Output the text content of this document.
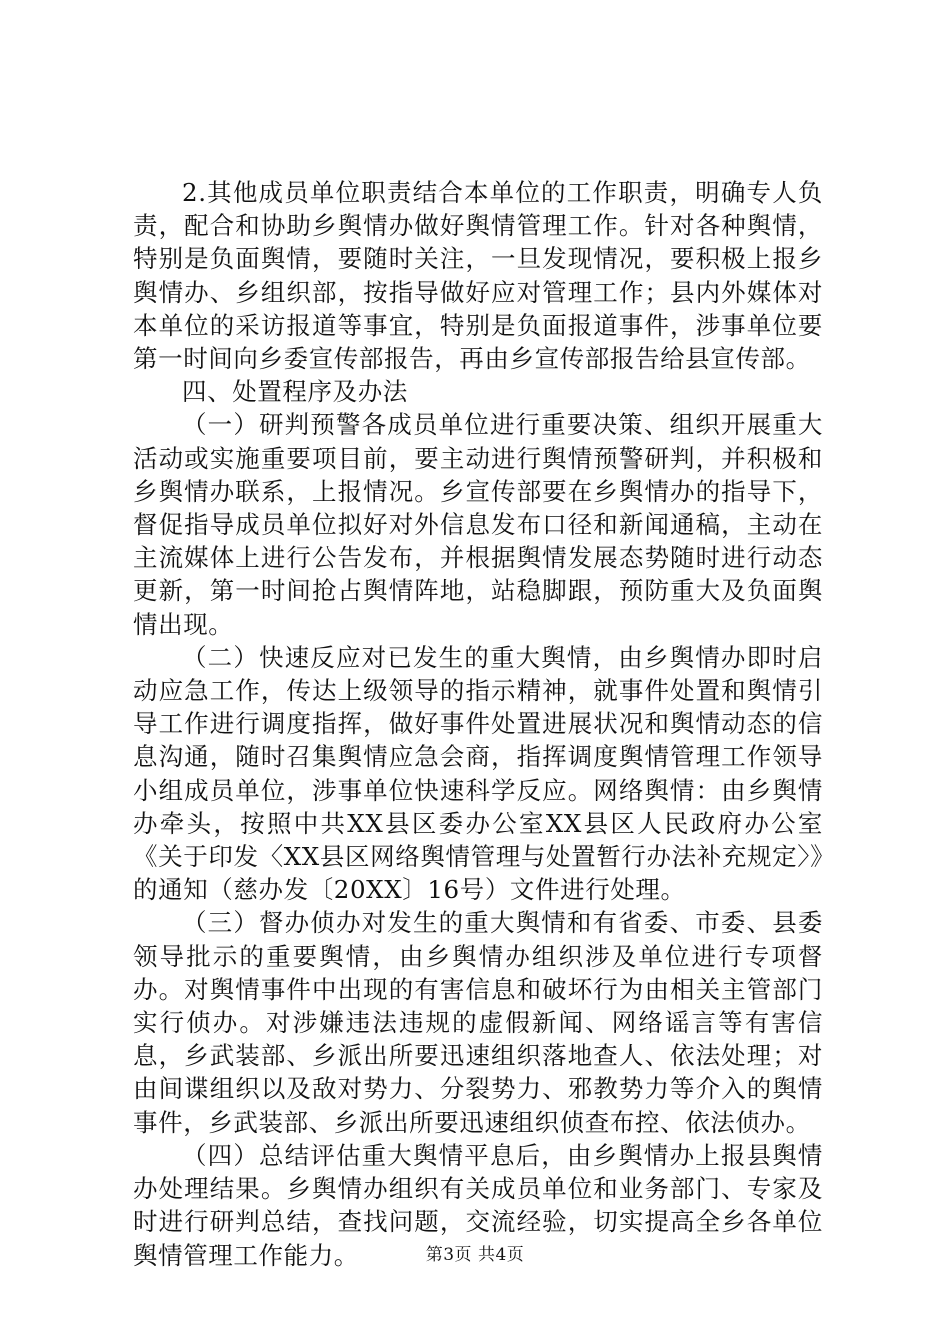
2.其他成员单位职责结合本单位的工作职责，明确专人负责，配合和协助乡舆情办做好舆情管理工作。针对各种舆情，特别是负面舆情，要随时关注，一旦发现情况，要积极上报乡舆情办、乡组织部，按指导做好应对管理工作；县内外媒体对本单位的采访报道等事宜，特别是负面报道事件，涉事单位要第一时间向乡委宣传部报告，再由乡宣传部报告给县宣传部。

四、处置程序及办法

（一）研判预警各成员单位进行重要决策、组织开展重大活动或实施重要项目前，要主动进行舆情预警研判，并积极和乡舆情办联系，上报情况。乡宣传部要在乡舆情办的指导下，督促指导成员单位拟好对外信息发布口径和新闻通稿，主动在主流媒体上进行公告发布，并根据舆情发展态势随时进行动态更新，第一时间抢占舆情阵地，站稳脚跟，预防重大及负面舆情出现。

（二）快速反应对已发生的重大舆情，由乡舆情办即时启动应急工作，传达上级领导的指示精神，就事件处置和舆情引导工作进行调度指挥，做好事件处置进展状况和舆情动态的信息沟通，随时召集舆情应急会商，指挥调度舆情管理工作领导小组成员单位，涉事单位快速科学反应。网络舆情：由乡舆情办牵头，按照中共XX县区委办公室XX县区人民政府办公室《关于印发〈XX县区网络舆情管理与处置暂行办法补充规定〉》的通知（慈办发〔20XX〕16号）文件进行处理。

（三）督办侦办对发生的重大舆情和有省委、市委、县委领导批示的重要舆情，由乡舆情办组织涉及单位进行专项督办。对舆情事件中出现的有害信息和破坏行为由相关主管部门实行侦办。对涉嫌违法违规的虚假新闻、网络谣言等有害信息，乡武装部、乡派出所要迅速组织落地查人、依法处理；对由间谍组织以及敌对势力、分裂势力、邪教势力等介入的舆情事件，乡武装部、乡派出所要迅速组织侦查布控、依法侦办。

（四）总结评估重大舆情平息后，由乡舆情办上报县舆情办处理结果。乡舆情办组织有关成员单位和业务部门、专家及时进行研判总结，查找问题，交流经验，切实提高全乡各单位舆情管理工作能力。	第3页 共4页
